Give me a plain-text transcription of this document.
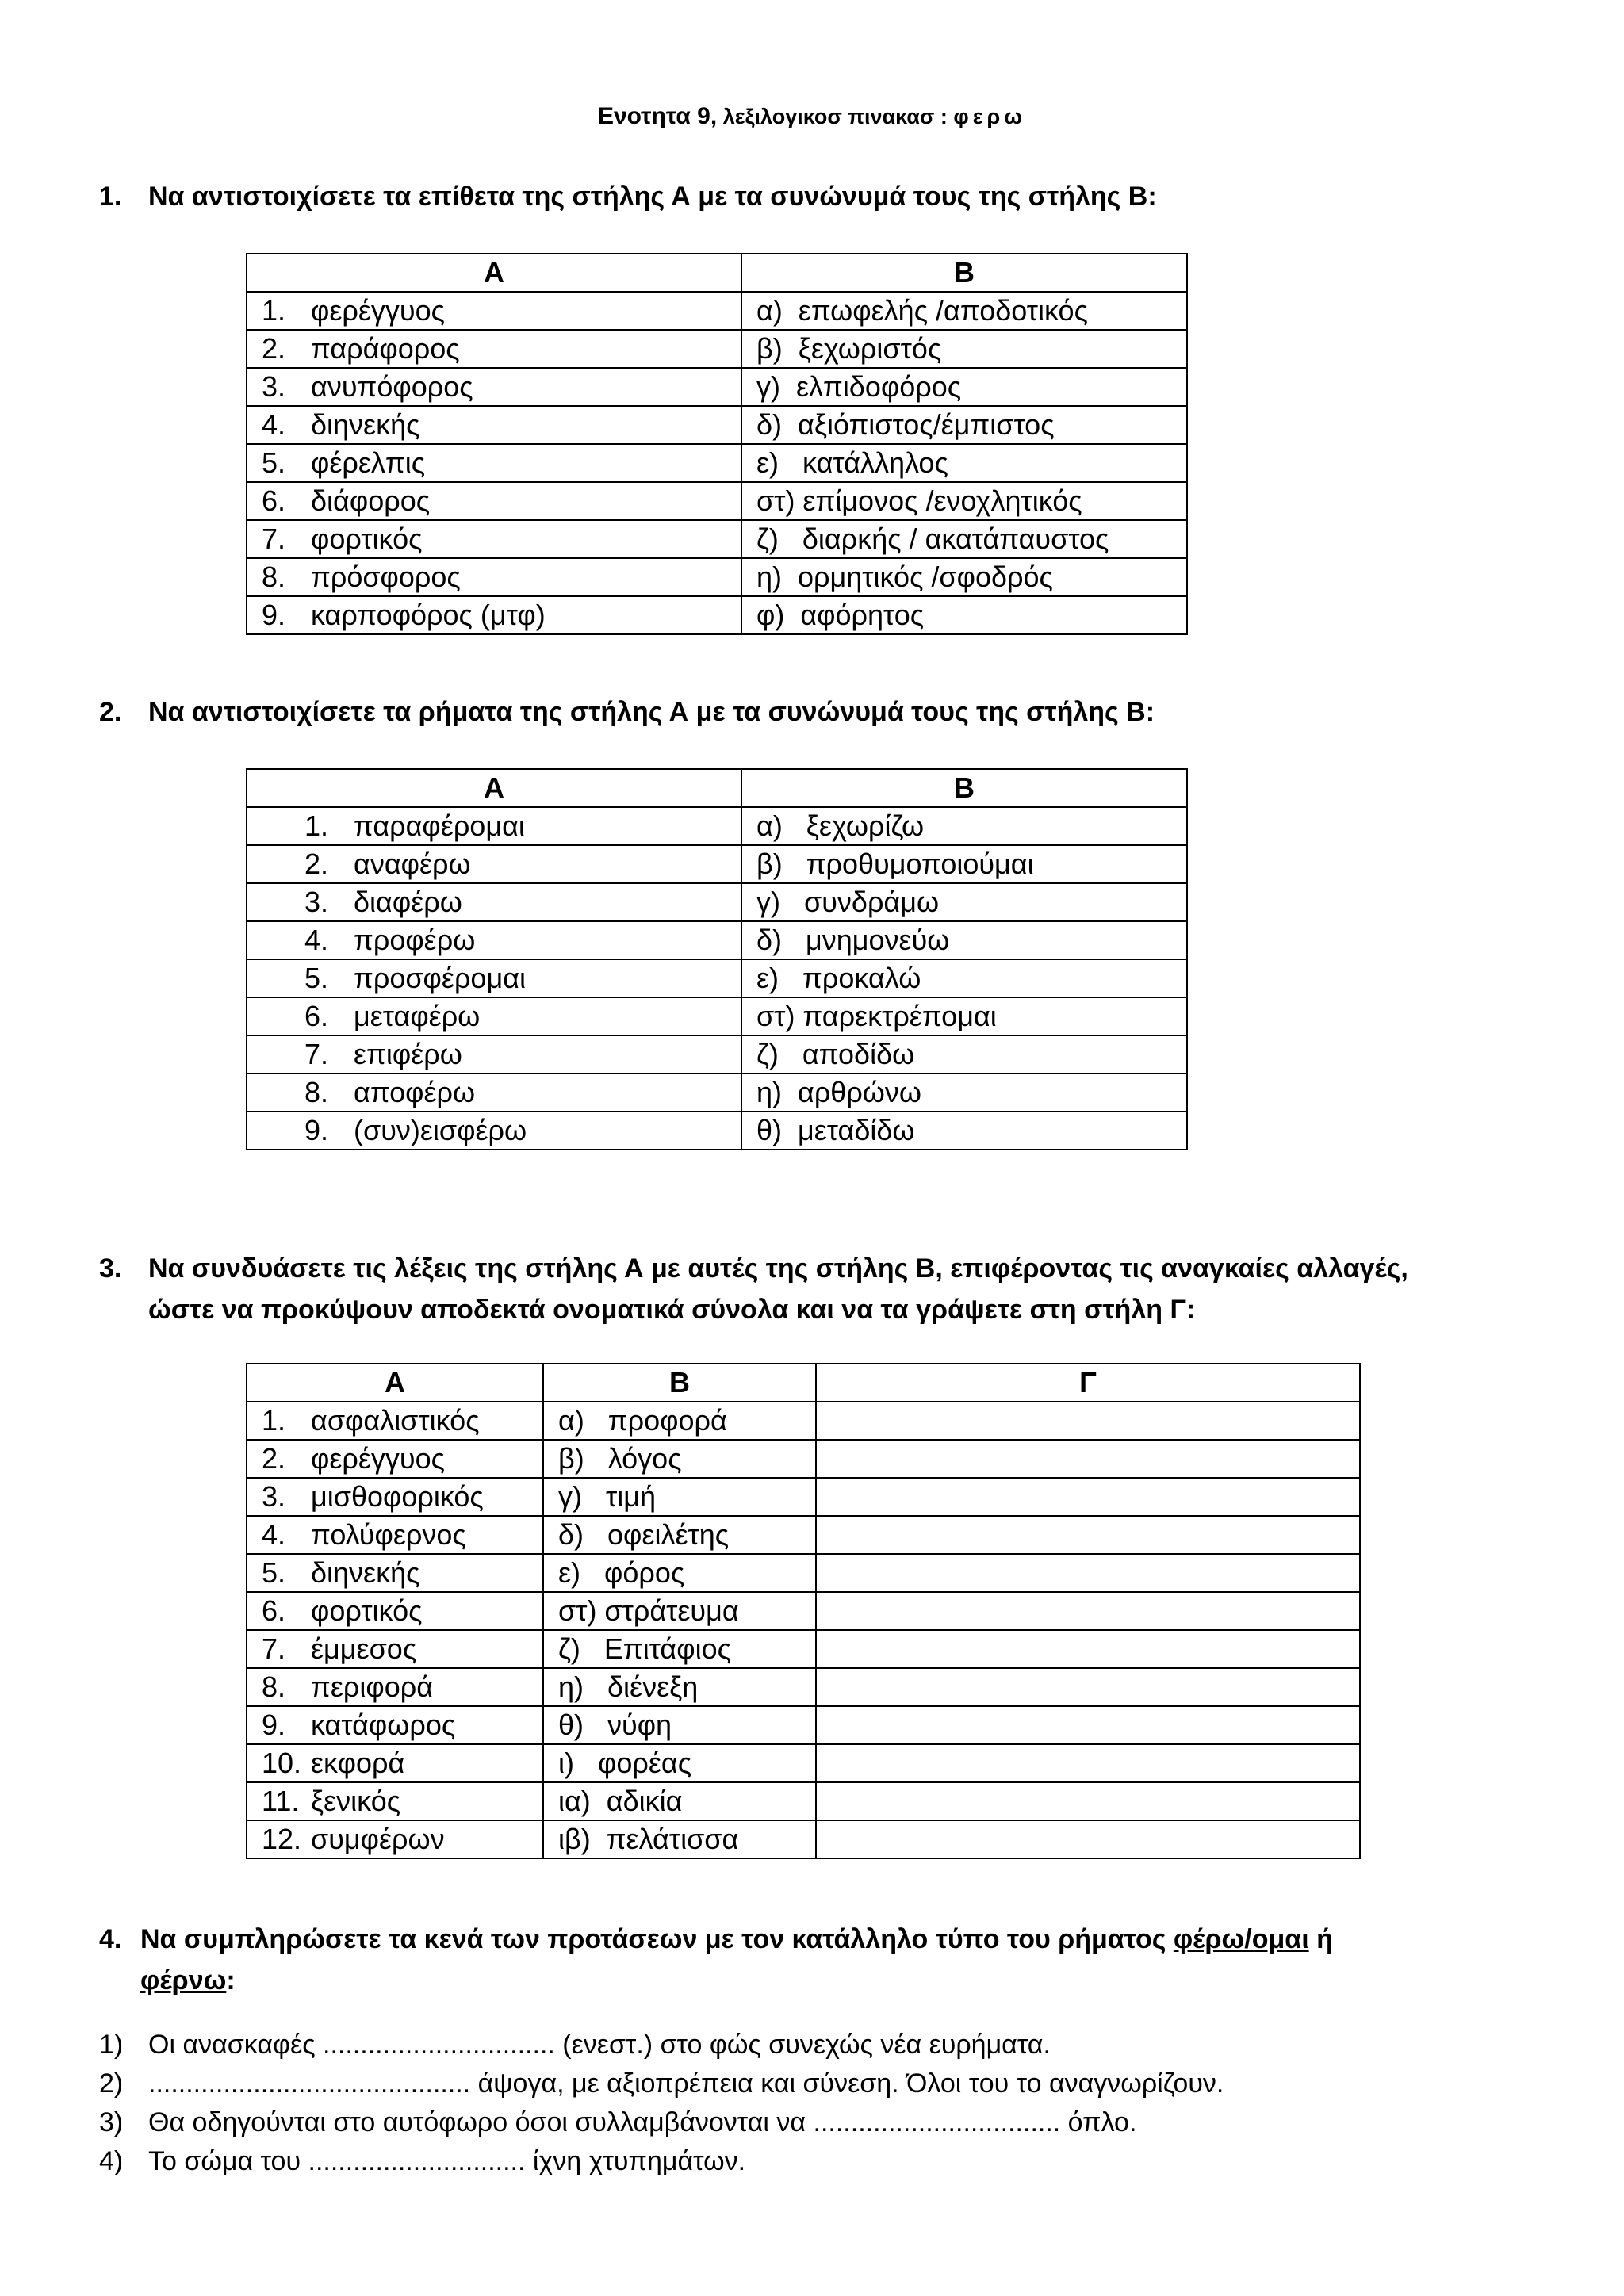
Ενοτητα 9, λεξιλογικοσ πινακασ : φερω
1. Να αντιστοιχίσετε τα επίθετα της στήλης Α με τα συνώνυμά τους της στήλης Β:
Α	Β
1. φερέγγυος	α)  επωφελής /αποδοτικός
2. παράφορος	β)  ξεχωριστός
3. ανυπόφορος	γ)  ελπιδοφόρος
4. διηνεκής	δ)  αξιόπιστος/έμπιστος
5. φέρελπις	ε)   κατάλληλος
6. διάφορος	στ) επίμονος /ενοχλητικός
7. φορτικός	ζ)   διαρκής / ακατάπαυστος
8. πρόσφορος	η)  ορμητικός /σφοδρός
9. καρποφόρος (μτφ)	φ)  αφόρητος
2. Να αντιστοιχίσετε τα ρήματα της στήλης Α με τα συνώνυμά τους της στήλης Β:
Α	Β
1. παραφέρομαι	α)   ξεχωρίζω
2. αναφέρω	β)   προθυμοποιούμαι
3. διαφέρω	γ)   συνδράμω
4. προφέρω	δ)   μνημονεύω
5. προσφέρομαι	ε)   προκαλώ
6. μεταφέρω	στ) παρεκτρέπομαι
7. επιφέρω	ζ)   αποδίδω
8. αποφέρω	η)  αρθρώνω
9. (συν)εισφέρω	θ)  μεταδίδω
3. Να συνδυάσετε τις λέξεις της στήλης Α με αυτές της στήλης Β, επιφέροντας τις αναγκαίες αλλαγές,
ώστε να προκύψουν αποδεκτά ονοματικά σύνολα και να τα γράψετε στη στήλη Γ:
Α	Β	Γ
1. ασφαλιστικός	α)   προφορά	
2. φερέγγυος	β)   λόγος	
3. μισθοφορικός	γ)   τιμή	
4. πολύφερνος	δ)   οφειλέτης	
5. διηνεκής	ε)   φόρος	
6. φορτικός	στ) στράτευμα	
7. έμμεσος	ζ)   Επιτάφιος	
8. περιφορά	η)   διένεξη	
9. κατάφωρος	θ)   νύφη	
10. εκφορά	ι)   φορέας	
11. ξενικός	ια)  αδικία	
12. συμφέρων	ιβ)  πελάτισσα	
4. Να συμπληρώσετε τα κενά των προτάσεων με τον κατάλληλο τύπο του ρήματος φέρω/ομαι ή
φέρνω:
1) Οι ανασκαφές ............................... (ενεστ.) στο φώς συνεχώς νέα ευρήματα.
2) ........................................... άψογα, με αξιοπρέπεια και σύνεση. Όλοι του το αναγνωρίζουν.
3) Θα οδηγούνται στο αυτόφωρο όσοι συλλαμβάνονται να ................................. όπλο.
4) Το σώμα του ............................. ίχνη χτυπημάτων.
